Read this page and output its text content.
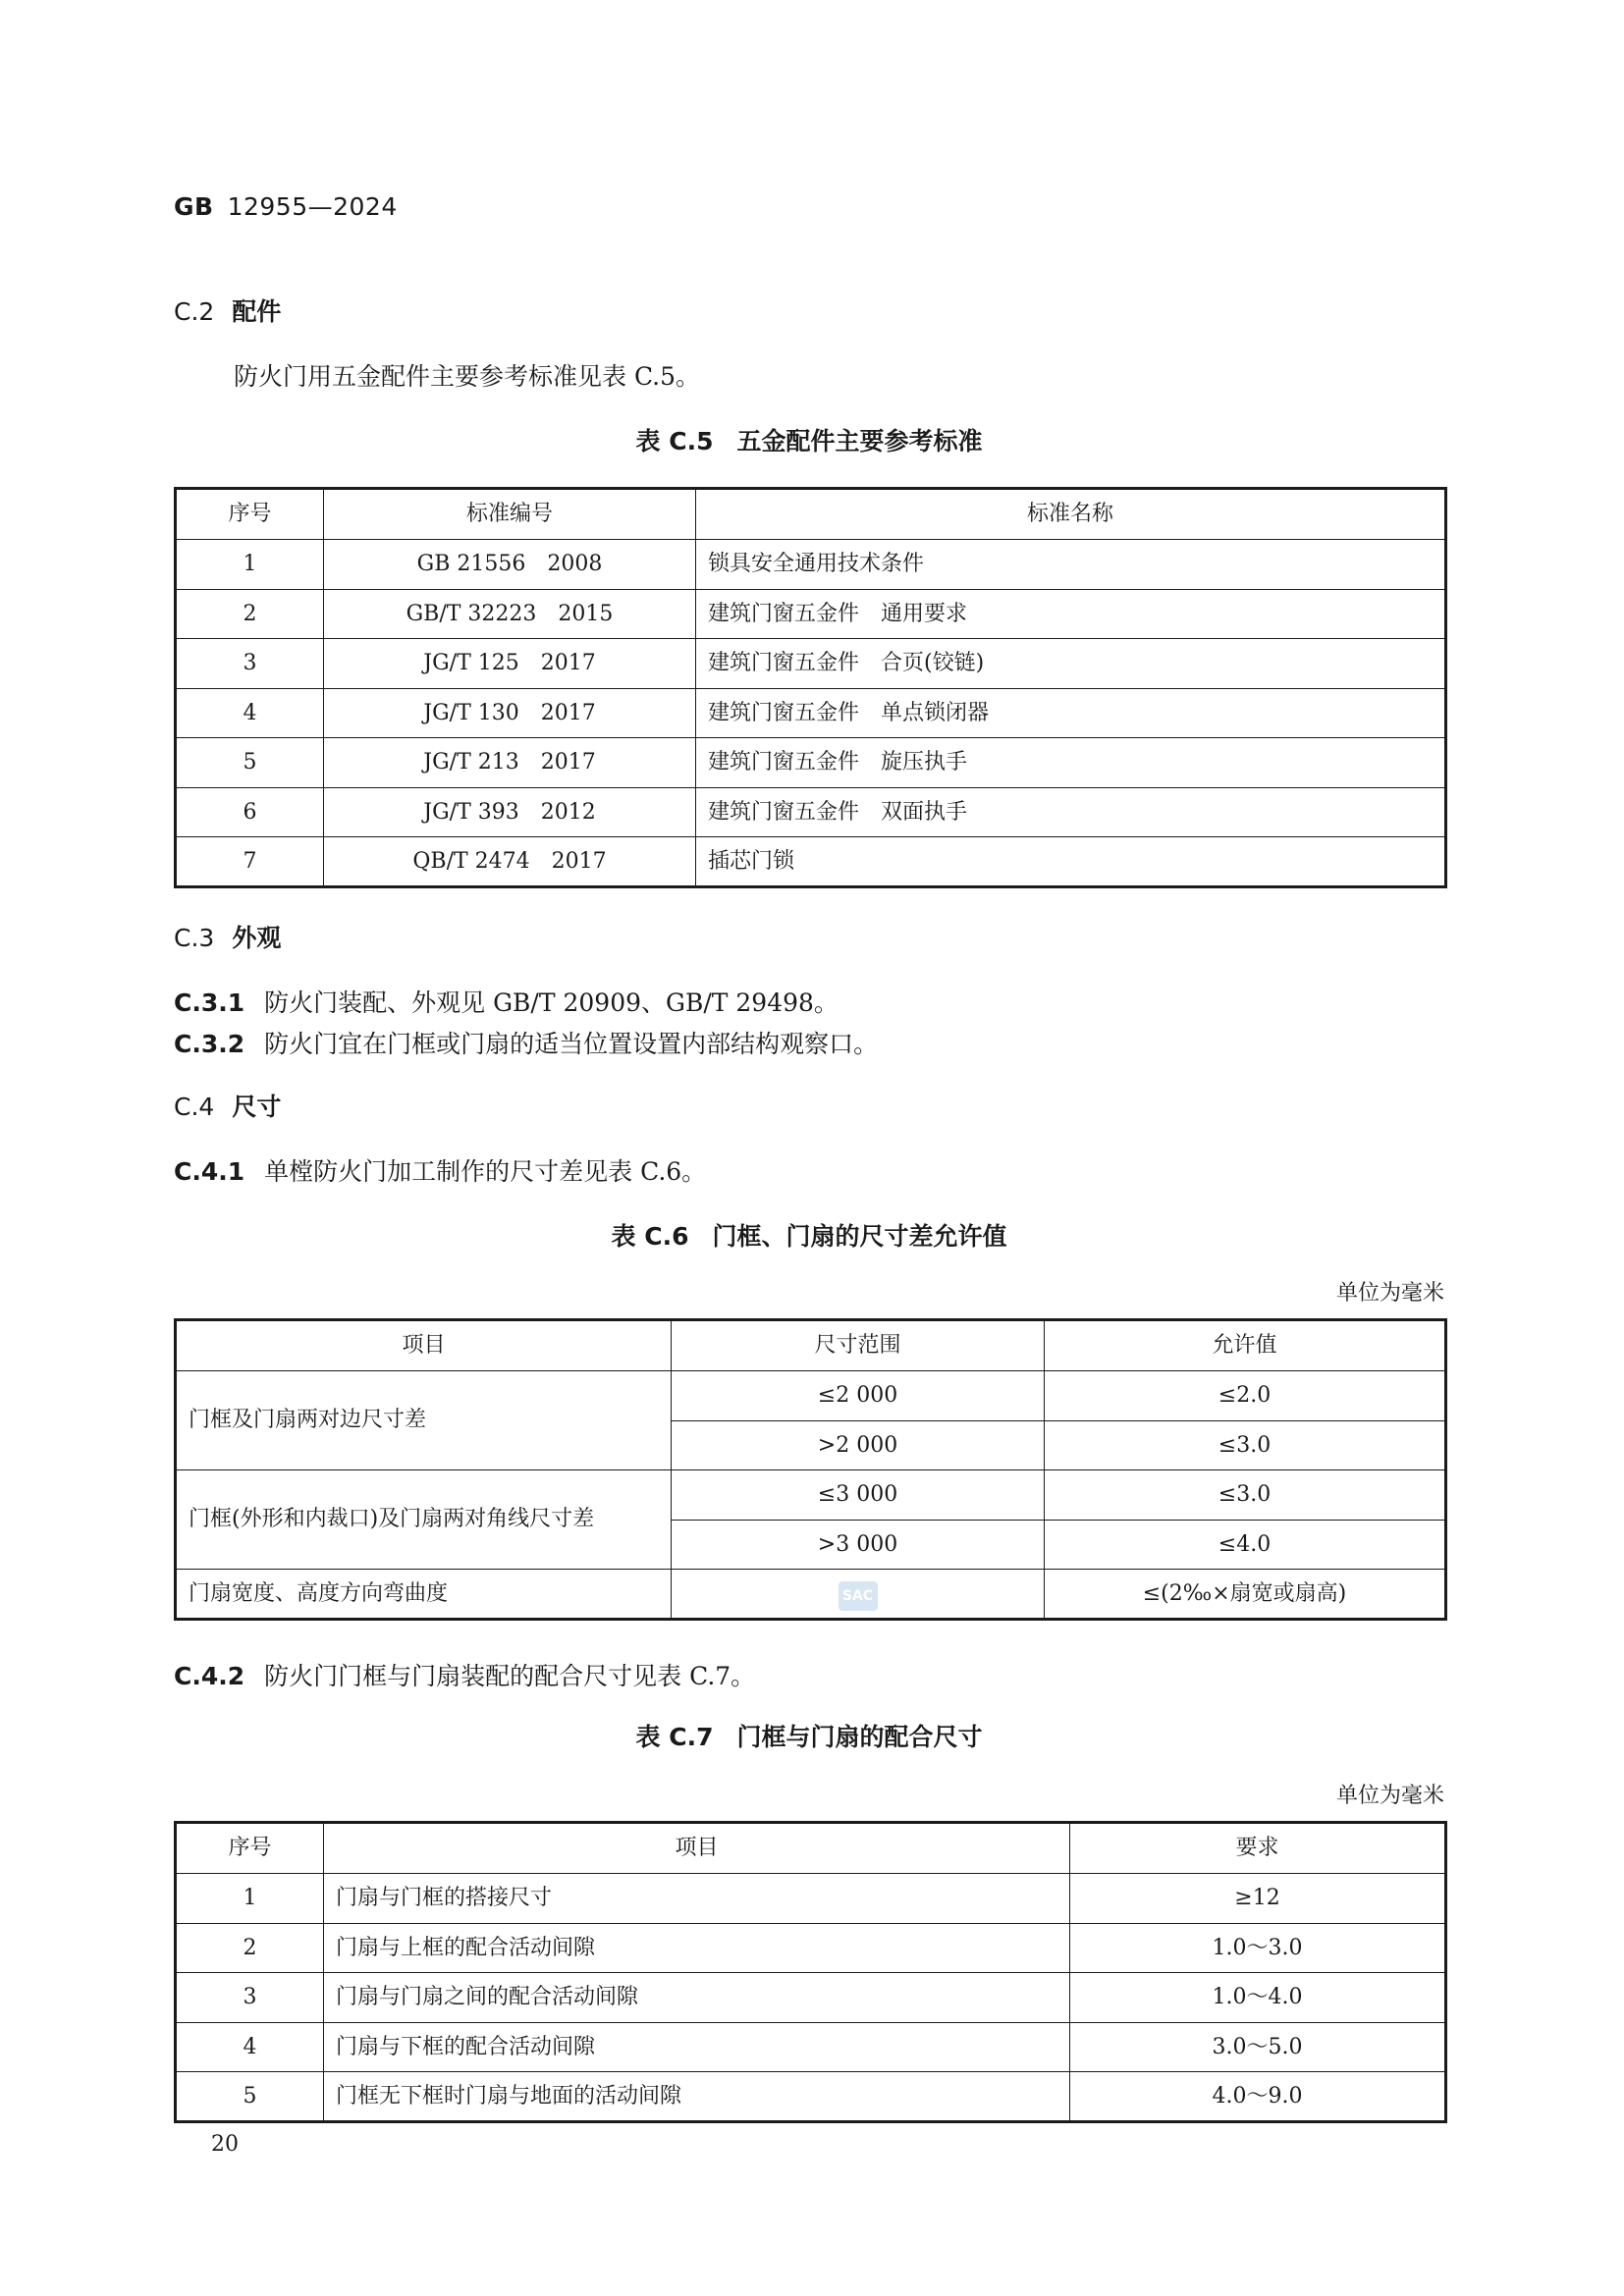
GB 12955—2024
C.2 配件
防火门用五金配件主要参考标准见表 C.5。
表 C.5 五金配件主要参考标准
序号	标准编号	标准名称
1	GB 21556　2008	锁具安全通用技术条件
2	GB/T 32223　2015	建筑门窗五金件　通用要求
3	JG/T 125　2017	建筑门窗五金件　合页(铰链)
4	JG/T 130　2017	建筑门窗五金件　单点锁闭器
5	JG/T 213　2017	建筑门窗五金件　旋压执手
6	JG/T 393　2012	建筑门窗五金件　双面执手
7	QB/T 2474　2017	插芯门锁
C.3 外观
C.3.1 防火门装配、外观见 GB/T 20909、GB/T 29498。
C.3.2 防火门宜在门框或门扇的适当位置设置内部结构观察口。
C.4 尺寸
C.4.1 单樘防火门加工制作的尺寸差见表 C.6。
表 C.6 门框、门扇的尺寸差允许值
单位为毫米
项目	尺寸范围	允许值
门框及门扇两对边尺寸差	≤2 000	≤2.0
	>2 000	≤3.0
门框(外形和内裁口)及门扇两对角线尺寸差	≤3 000	≤3.0
	>3 000	≤4.0
门扇宽度、高度方向弯曲度	SAC	≤(2‰×扇宽或扇高)
C.4.2 防火门门框与门扇装配的配合尺寸见表 C.7。
表 C.7 门框与门扇的配合尺寸
单位为毫米
序号	项目	要求
1	门扇与门框的搭接尺寸	≥12
2	门扇与上框的配合活动间隙	1.0～3.0
3	门扇与门扇之间的配合活动间隙	1.0～4.0
4	门扇与下框的配合活动间隙	3.0～5.0
5	门框无下框时门扇与地面的活动间隙	4.0～9.0
20
